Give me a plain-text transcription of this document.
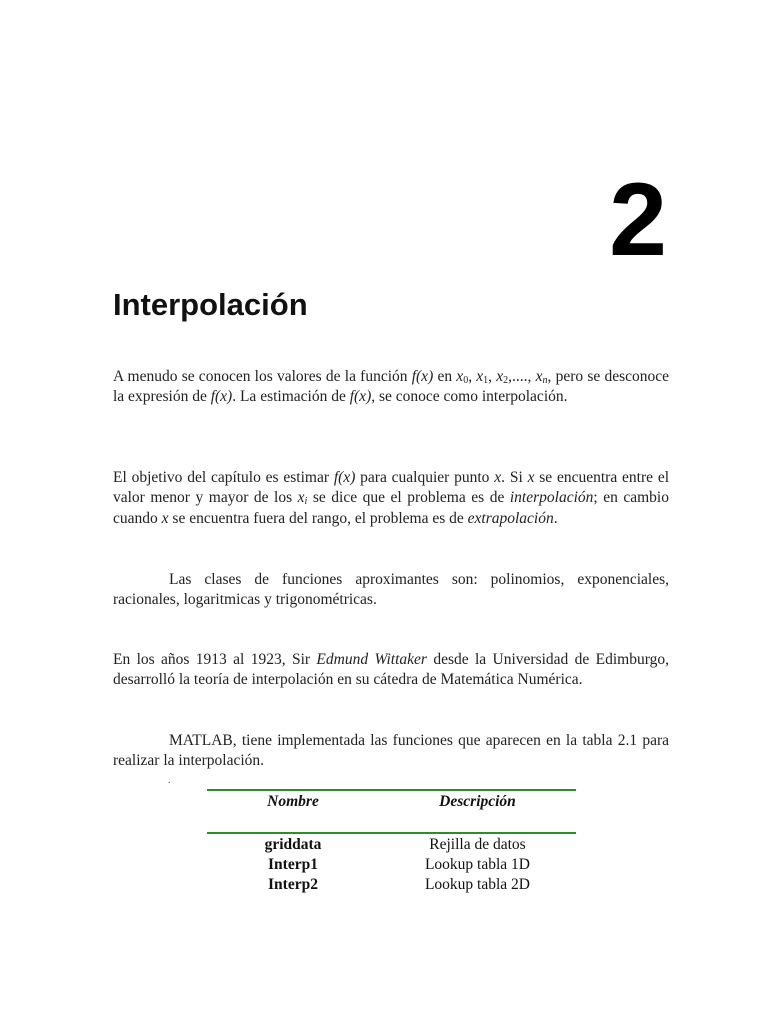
2
Interpolación
A menudo se conocen los valores de la función f(x) en $x_0$, $x_1$, $x_2$,...., $x_n$, pero se desconoce la expresión de f(x). La estimación de f(x), se conoce como interpolación.
El objetivo del capítulo es estimar f(x) para cualquier punto x. Si x se encuentra entre el valor menor y mayor de los $x_i$ se dice que el problema es de interpolación; en cambio cuando x se encuentra fuera del rango, el problema es de extrapolación.
Las clases de funciones aproximantes son: polinomios, exponenciales, racionales, logaritmicas y trigonométricas.
En los años 1913 al 1923, Sir Edmund Wittaker desde la Universidad de Edimburgo, desarrolló la teoría de interpolación en su cátedra de Matemática Numérica.
MATLAB, tiene implementada las funciones que aparecen en la tabla 2.1 para realizar la interpolación.
.
Nombre	Descripción
griddata	Rejilla de datos
Interp1	Lookup tabla 1D
Interp2	Lookup tabla 2D
